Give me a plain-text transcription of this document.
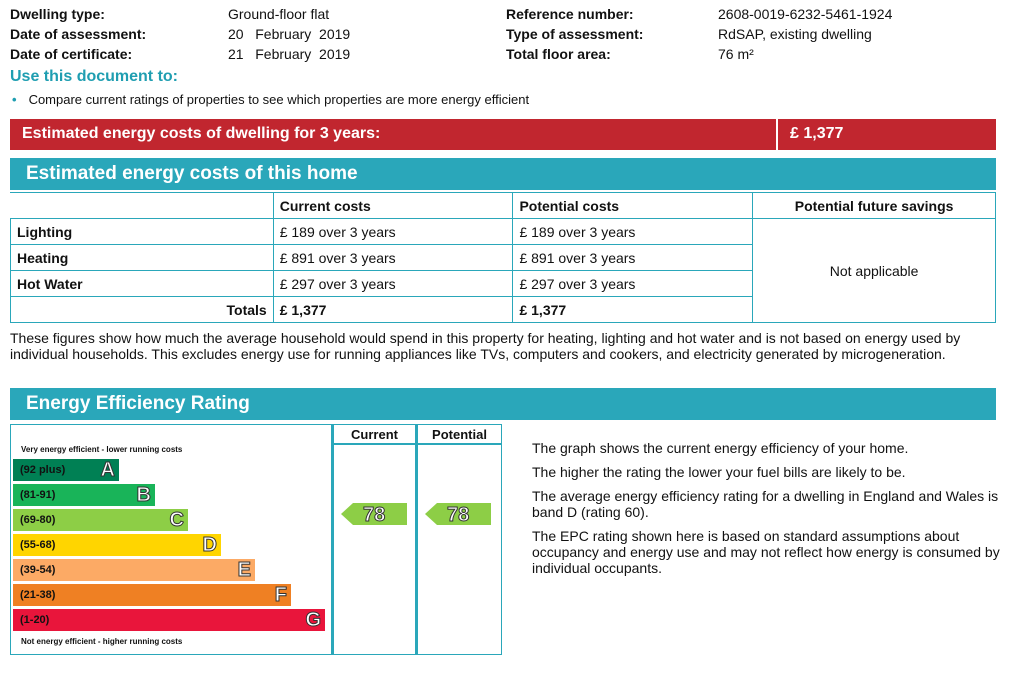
Dwelling type:	Ground-floor flat
Date of assessment:	20   February  2019
Date of certificate:	21   February  2019
Reference number:	2608-0019-6232-5461-1924
Type of assessment:	RdSAP, existing dwelling
Total floor area:	76 m²
Use this document to:
• Compare current ratings of properties to see which properties are more energy efficient
Estimated energy costs of dwelling for 3 years:	£ 1,377
Estimated energy costs of this home
	Current costs	Potential costs	Potential future savings
Lighting	£ 189 over 3 years	£ 189 over 3 years	Not applicable
Heating	£ 891 over 3 years	£ 891 over 3 years	
Hot Water	£ 297 over 3 years	£ 297 over 3 years	
Totals	£ 1,377	£ 1,377	
These figures show how much the average household would spend in this property for heating, lighting and hot water and is not based on energy used by individual households. This excludes energy use for running appliances like TVs, computers and cookers, and electricity generated by microgeneration.
Energy Efficiency Rating
Very energy efficient - lower running costs
(92 plus) A
(81-91)	B
(69-80)	C
(55-68)	D
(39-54)	E
(21-38)	F
(1-20)	G
Not energy efficient - higher running costs
Current	Potential
78	78

The graph shows the current energy efficiency of your home.

The higher the rating the lower your fuel bills are likely to be.

The average energy efficiency rating for a dwelling in England and Wales is band D (rating 60).

The EPC rating shown here is based on standard assumptions about occupancy and energy use and may not reflect how energy is consumed by individual occupants.
